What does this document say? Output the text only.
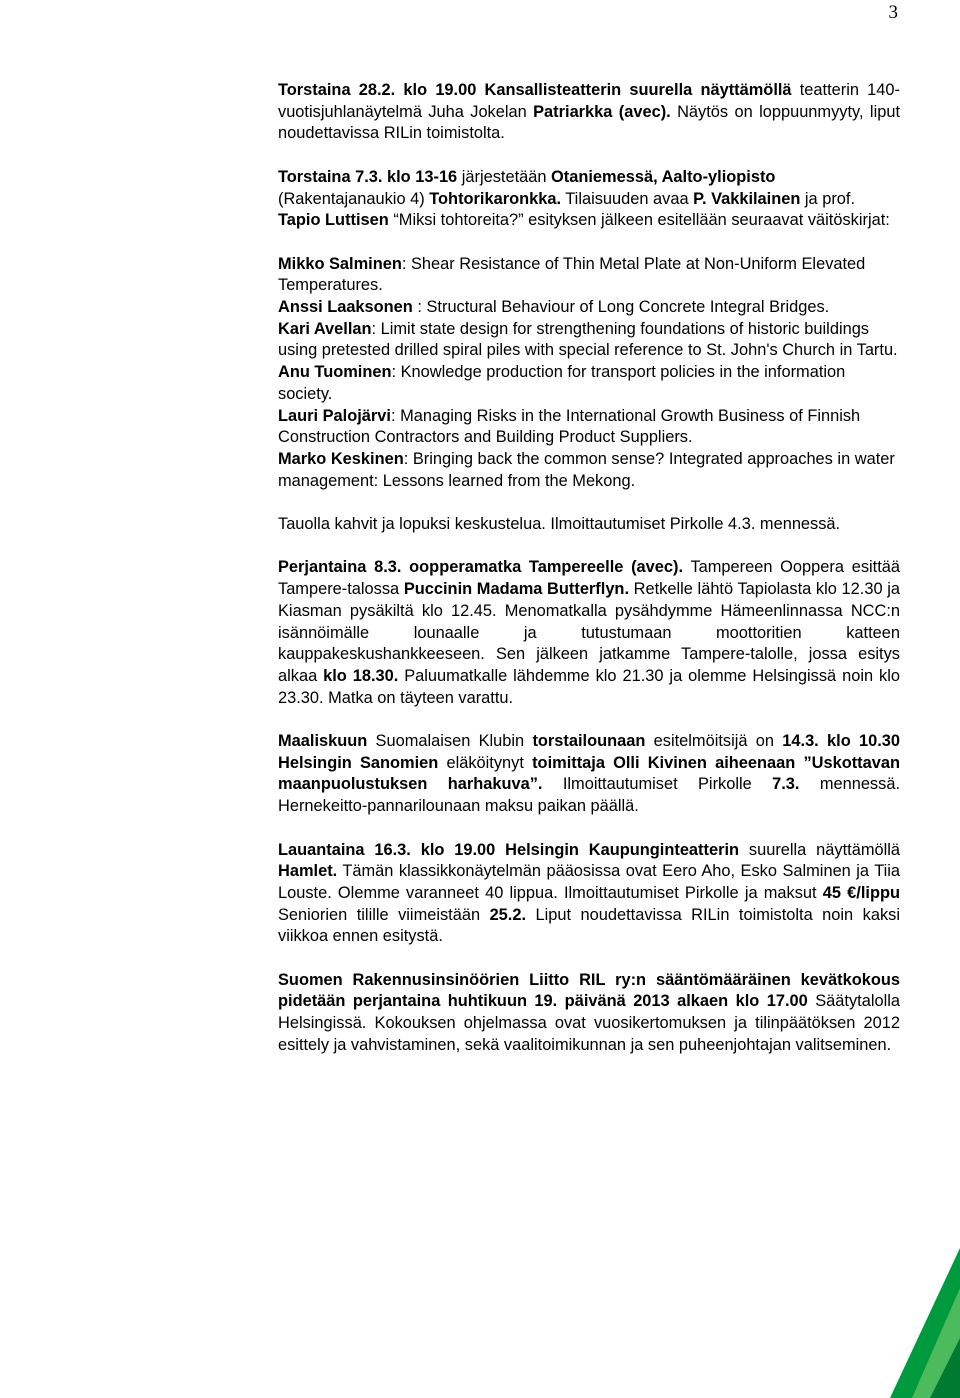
3

Torstaina 28.2. klo 19.00 Kansallisteatterin suurella näyttämöllä teatterin 140-vuotisjuhlanäytelmä Juha Jokelan Patriarkka (avec). Näytös on loppuunmyyty, liput noudettavissa RILin toimistolta.

Torstaina 7.3. klo 13-16 järjestetään Otaniemessä, Aalto-yliopisto (Rakentajanaukio 4) Tohtorikaronkka. Tilaisuuden avaa P. Vakkilainen ja prof. Tapio Luttisen “Miksi tohtoreita?” esityksen jälkeen esitellään seuraavat väitöskirjat:

Mikko Salminen: Shear Resistance of Thin Metal Plate at Non-Uniform Elevated Temperatures.

Anssi Laaksonen : Structural Behaviour of Long Concrete Integral Bridges.

Kari Avellan: Limit state design for strengthening foundations of historic buildings using pretested drilled spiral piles with special reference to St. John's Church in Tartu.

Anu Tuominen: Knowledge production for transport policies in the information society.

Lauri Palojärvi: Managing Risks in the International Growth Business of Finnish Construction Contractors and Building Product Suppliers.

Marko Keskinen: Bringing back the common sense? Integrated approaches in water management: Lessons learned from the Mekong.

Tauolla kahvit ja lopuksi keskustelua. Ilmoittautumiset Pirkolle 4.3. mennessä.

Perjantaina 8.3. oopperamatka Tampereelle (avec). Tampereen Ooppera esittää Tampere-talossa Puccinin Madama Butterflyn. Retkelle lähtö Tapiolasta klo 12.30 ja Kiasman pysäkiltä klo 12.45. Menomatkalla pysähdymme Hämeenlinnassa NCC:n isännöimälle lounaalle ja tutustumaan moottoritien katteen kauppakeskushankkeeseen. Sen jälkeen jatkamme Tampere-talolle, jossa esitys alkaa klo 18.30. Paluumatkalle lähdemme klo 21.30 ja olemme Helsingissä noin klo 23.30. Matka on täyteen varattu.

Maaliskuun Suomalaisen Klubin torstailounaan esitelmöitsijä on 14.3. klo 10.30 Helsingin Sanomien eläköitynyt toimittaja Olli Kivinen aiheenaan ”Uskottavan maanpuolustuksen harhakuva”. Ilmoittautumiset Pirkolle 7.3. mennessä. Hernekeitto-pannarilounaan maksu paikan päällä.

Lauantaina 16.3. klo 19.00 Helsingin Kaupunginteatterin suurella näyttämöllä Hamlet. Tämän klassikkonäytelmän pääosissa ovat Eero Aho, Esko Salminen ja Tiia Louste. Olemme varanneet 40 lippua. Ilmoittautumiset Pirkolle ja maksut 45 €/lippu Seniorien tilille viimeistään 25.2. Liput noudettavissa RILin toimistolta noin kaksi viikkoa ennen esitystä.

Suomen Rakennusinsinöörien Liitto RIL ry:n sääntömääräinen kevätkokous pidetään perjantaina huhtikuun 19. päivänä 2013 alkaen klo 17.00 Säätytalolla Helsingissä. Kokouksen ohjelmassa ovat vuosikertomuksen ja tilinpäätöksen 2012 esittely ja vahvistaminen, sekä vaalitoimikunnan ja sen puheenjohtajan valitseminen.
